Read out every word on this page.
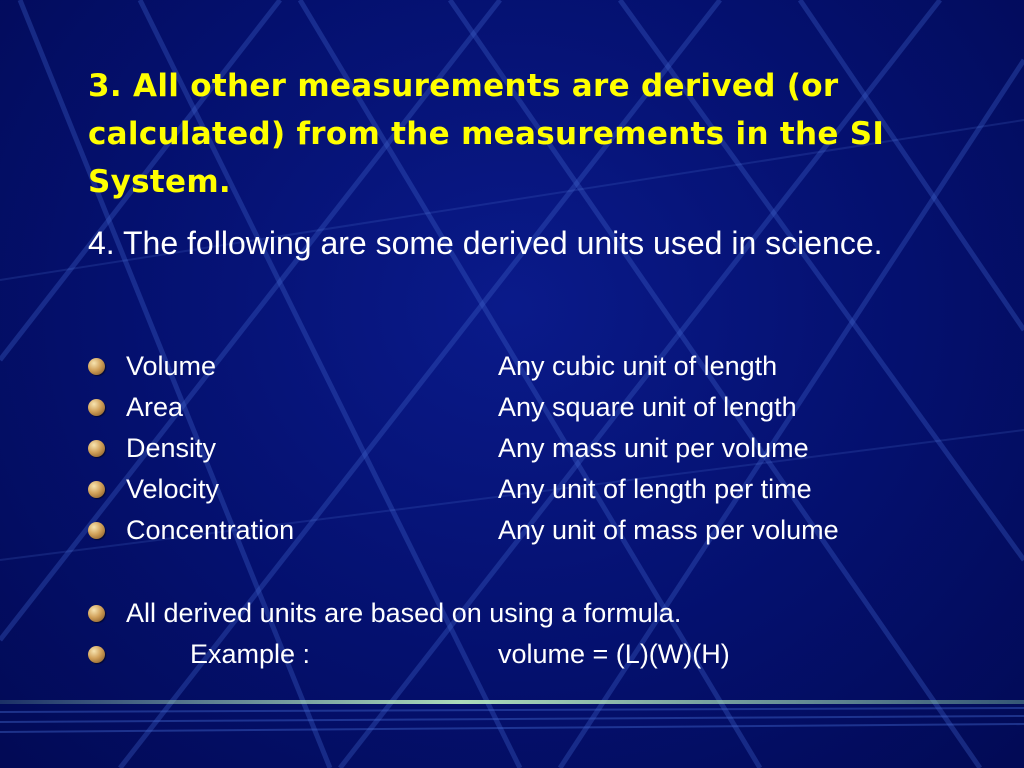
3. All other measurements are derived (or calculated) from the measurements in the SI System.

4. The following are some derived units used in science.

Volume	Any cubic unit of length
Area	Any square unit of length
Density	Any mass unit per volume
Velocity	Any unit of length per time
Concentration	Any unit of mass per volume
All derived units are based on using a formula.
Example :	volume = (L)(W)(H)
